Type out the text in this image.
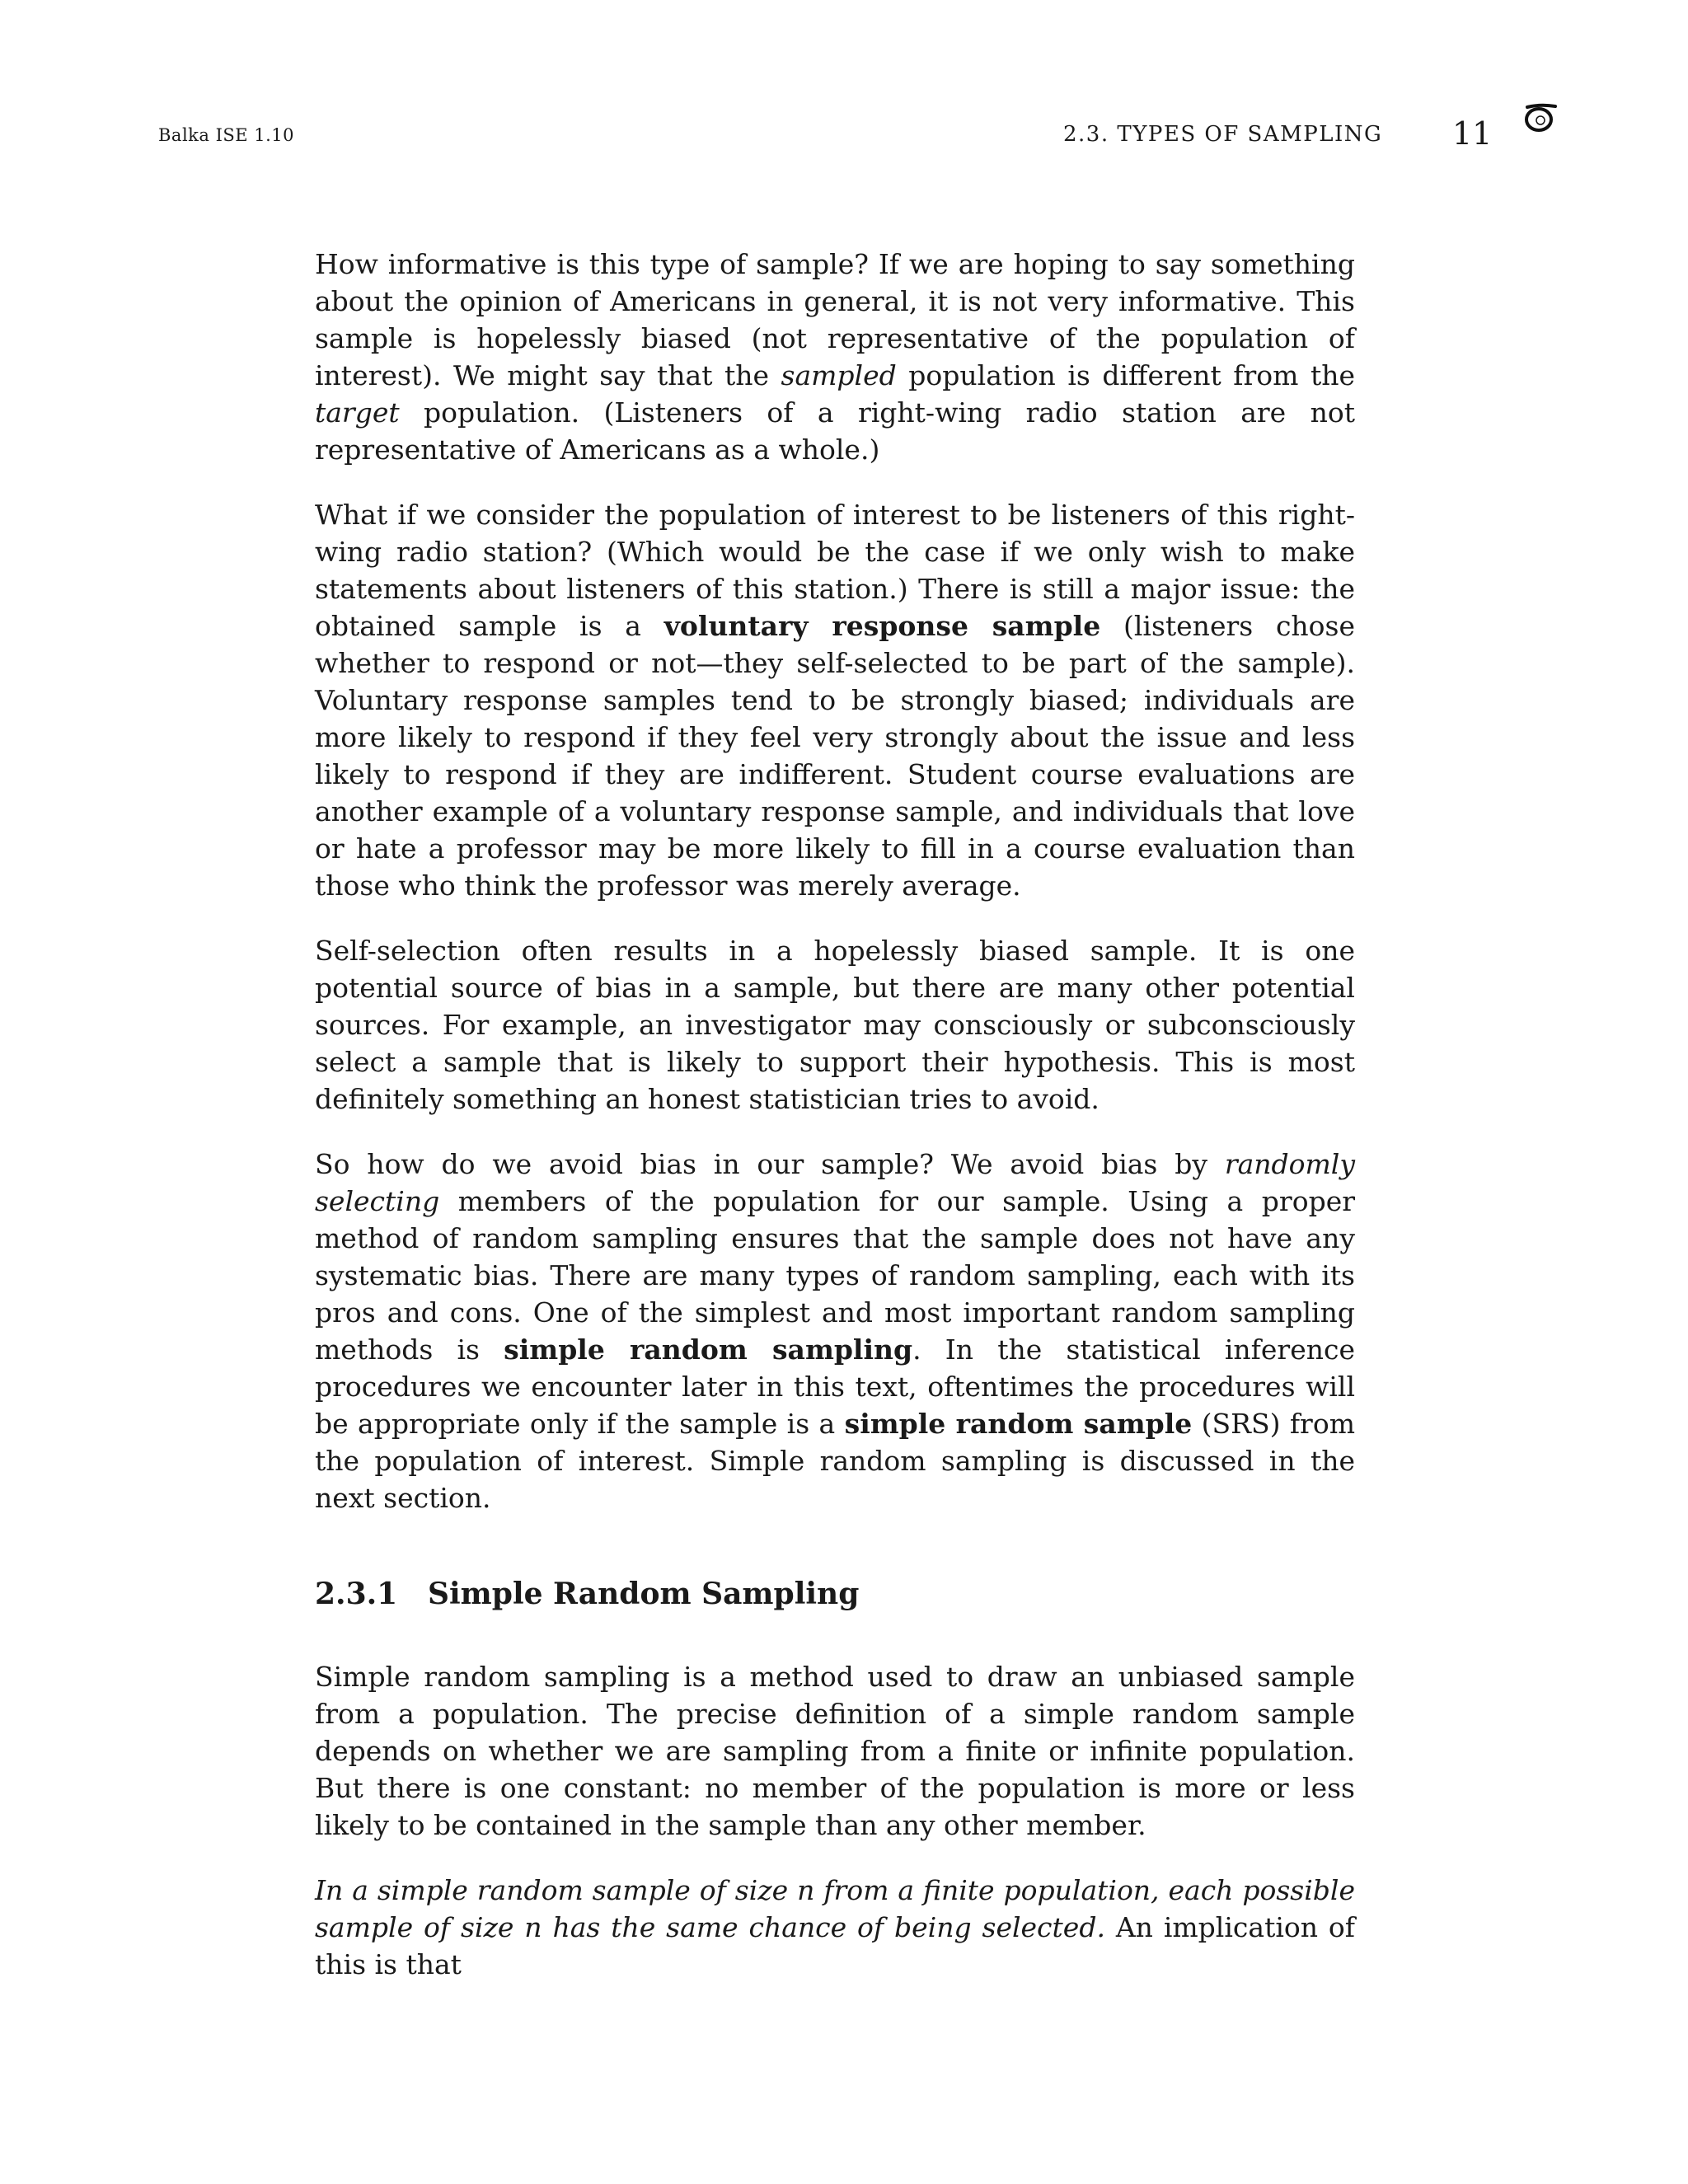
Balka ISE 1.10	2.3. TYPES OF SAMPLING 11

How informative is this type of sample? If we are hoping to say something about the opinion of Americans in general, it is not very informative. This sample is hopelessly biased (not representative of the population of interest). We might say that the sampled population is different from the target population. (Listeners of a right-wing radio station are not representative of Americans as a whole.)

What if we consider the population of interest to be listeners of this right-wing radio station? (Which would be the case if we only wish to make statements about listeners of this station.) There is still a major issue: the obtained sample is a voluntary response sample (listeners chose whether to respond or not—they self-selected to be part of the sample). Voluntary response samples tend to be strongly biased; individuals are more likely to respond if they feel very strongly about the issue and less likely to respond if they are indifferent. Student course evaluations are another example of a voluntary response sample, and individuals that love or hate a professor may be more likely to fill in a course evaluation than those who think the professor was merely average.

Self-selection often results in a hopelessly biased sample. It is one potential source of bias in a sample, but there are many other potential sources. For example, an investigator may consciously or subconsciously select a sample that is likely to support their hypothesis. This is most definitely something an honest statistician tries to avoid.

So how do we avoid bias in our sample? We avoid bias by randomly selecting members of the population for our sample. Using a proper method of random sampling ensures that the sample does not have any systematic bias. There are many types of random sampling, each with its pros and cons. One of the simplest and most important random sampling methods is simple random sampling. In the statistical inference procedures we encounter later in this text, oftentimes the procedures will be appropriate only if the sample is a simple random sample (SRS) from the population of interest. Simple random sampling is discussed in the next section.

2.3.1 Simple Random Sampling

Simple random sampling is a method used to draw an unbiased sample from a population. The precise definition of a simple random sample depends on whether we are sampling from a finite or infinite population. But there is one constant: no member of the population is more or less likely to be contained in the sample than any other member.

In a simple random sample of size n from a finite population, each possible sample of size n has the same chance of being selected. An implication of this is that
